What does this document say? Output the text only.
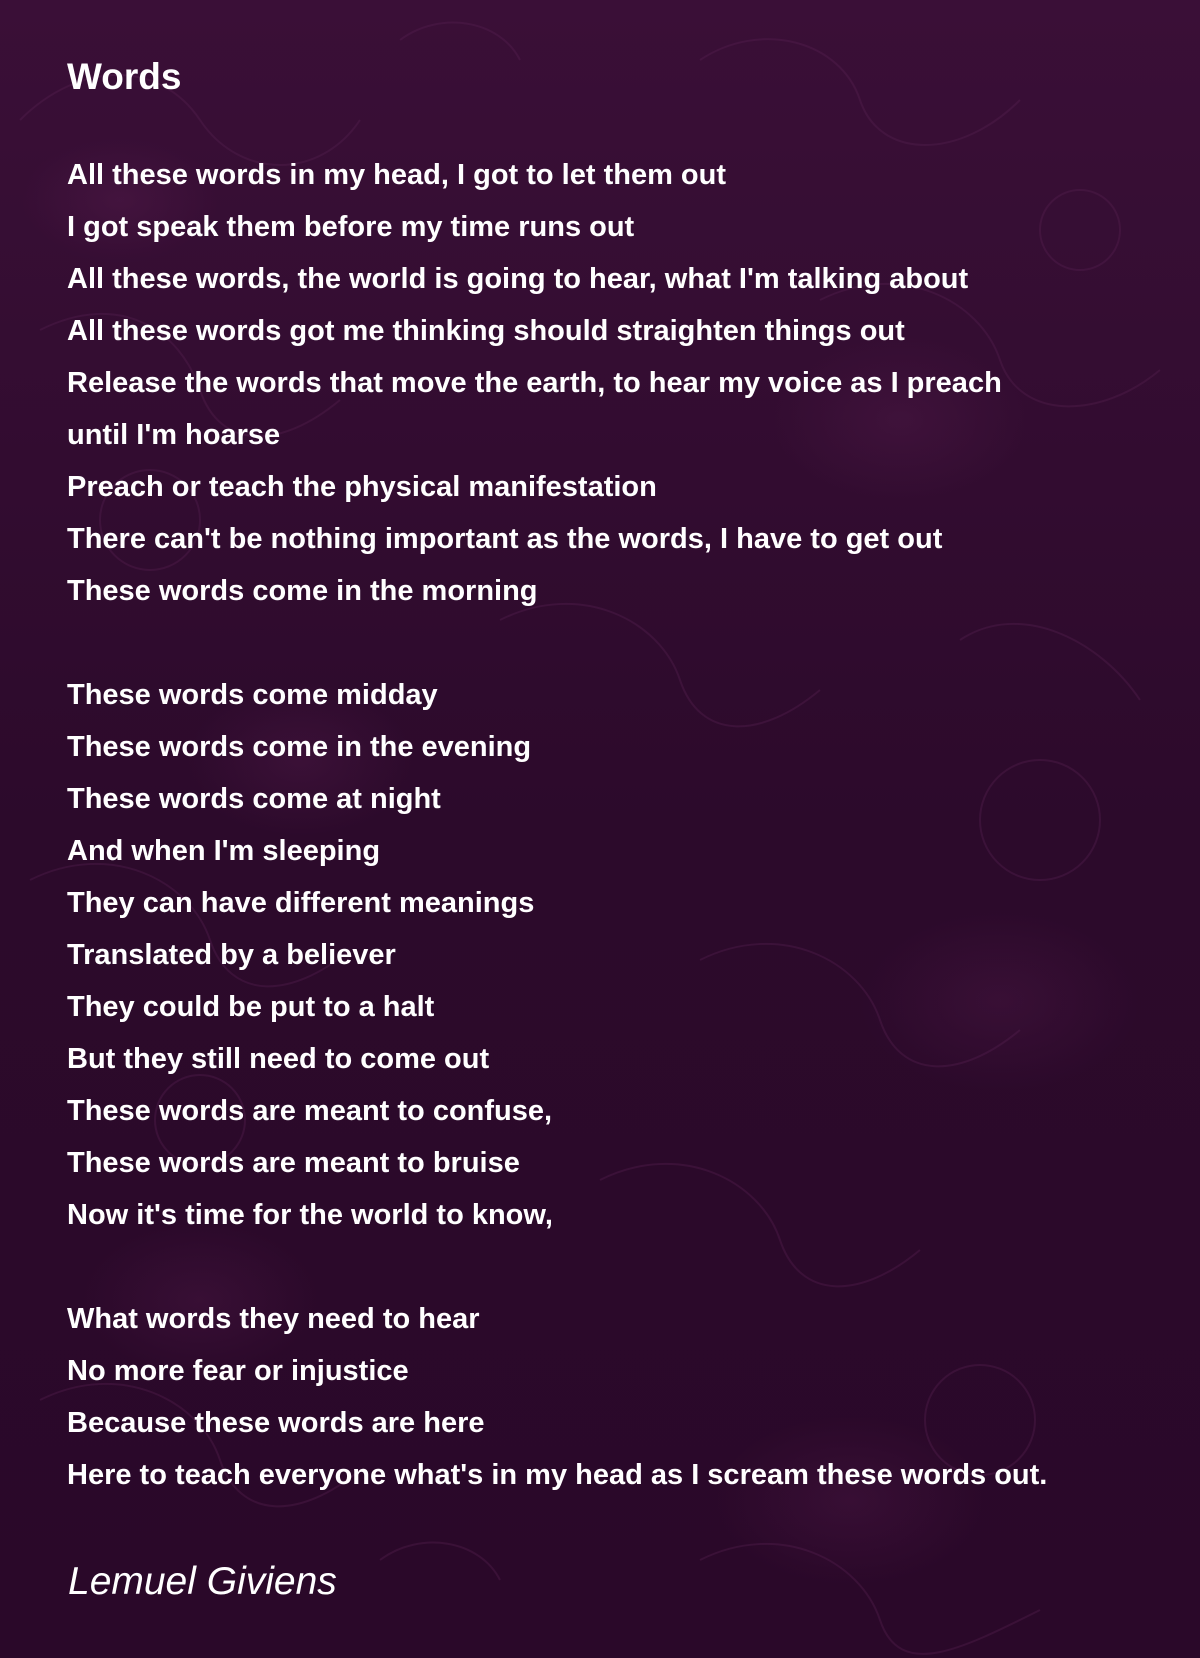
Words
All these words in my head, I got to let them out
I got speak them before my time runs out
All these words, the world is going to hear, what I'm talking about
All these words got me thinking should straighten things out
Release the words that move the earth, to hear my voice as I preach
until I'm hoarse
Preach or teach the physical manifestation
There can't be nothing important as the words, I have to get out
These words come in the morning
These words come midday
These words come in the evening
These words come at night
And when I'm sleeping
They can have different meanings
Translated by a believer
They could be put to a halt
But they still need to come out
These words are meant to confuse,
These words are meant to bruise
Now it's time for the world to know,
What words they need to hear
No more fear or injustice
Because these words are here
Here to teach everyone what's in my head as I scream these words out.
Lemuel Giviens
